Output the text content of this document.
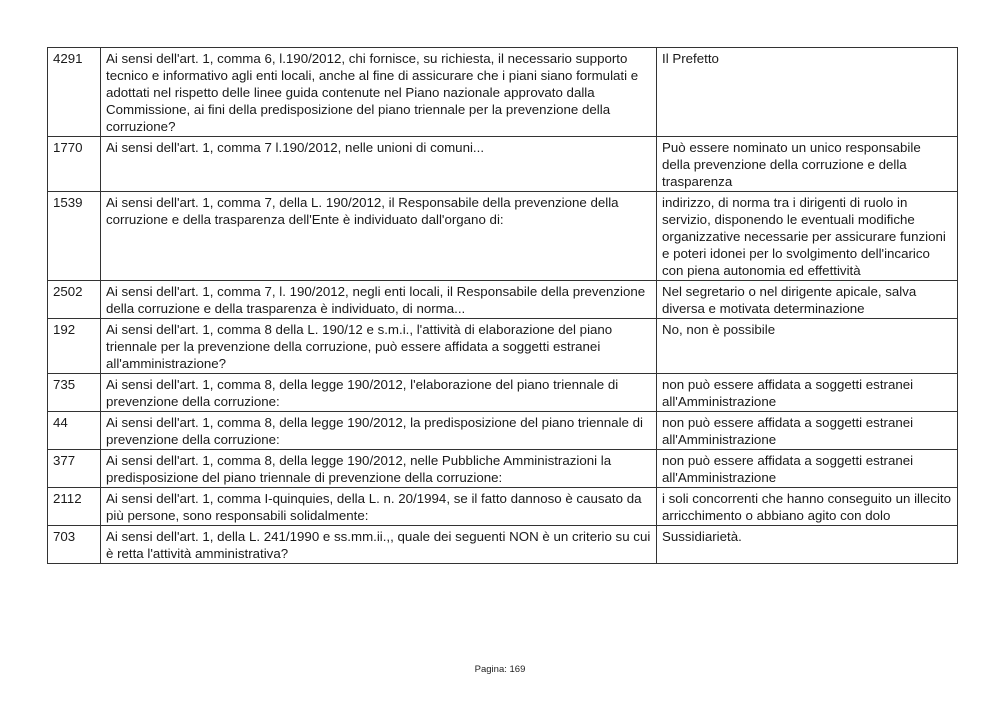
4291	Ai sensi dell'art. 1, comma 6, l.190/2012, chi fornisce, su richiesta, il necessario supporto tecnico e informativo agli enti locali, anche al fine di assicurare che i piani siano formulati e adottati nel rispetto delle linee guida contenute nel Piano nazionale approvato dalla Commissione, ai fini della predisposizione del piano triennale per la prevenzione della corruzione?	Il Prefetto
1770	Ai sensi dell'art. 1, comma 7 l.190/2012, nelle unioni di comuni...	Può essere nominato un unico responsabile della prevenzione della corruzione e della trasparenza
1539	Ai sensi dell'art. 1, comma 7, della L. 190/2012, il Responsabile della prevenzione della corruzione e della trasparenza dell'Ente è individuato dall'organo di:	indirizzo, di norma tra i dirigenti di ruolo in servizio, disponendo le eventuali modifiche organizzative necessarie per assicurare funzioni e poteri idonei per lo svolgimento dell'incarico con piena autonomia ed effettività
2502	Ai sensi dell'art. 1, comma 7, l. 190/2012, negli enti locali, il Responsabile della prevenzione della corruzione e della trasparenza è individuato, di norma...	Nel segretario o nel dirigente apicale, salva diversa e motivata determinazione
192	Ai sensi dell'art. 1, comma 8 della L. 190/12 e s.m.i., l'attività di elaborazione del piano triennale per la prevenzione della corruzione, può essere affidata a soggetti estranei all'amministrazione?	No, non è possibile
735	Ai sensi dell'art. 1, comma 8, della legge 190/2012, l'elaborazione del piano triennale di prevenzione della corruzione:	non può essere affidata a soggetti estranei all'Amministrazione
44	Ai sensi dell'art. 1, comma 8, della legge 190/2012, la predisposizione del piano triennale di prevenzione della corruzione:	non può essere affidata a soggetti estranei all'Amministrazione
377	Ai sensi dell'art. 1, comma 8, della legge 190/2012, nelle Pubbliche Amministrazioni la predisposizione del piano triennale di prevenzione della corruzione:	non può essere affidata a soggetti estranei all'Amministrazione
2112	Ai sensi dell'art. 1, comma I-quinquies, della L. n. 20/1994, se il fatto dannoso è causato da più persone, sono responsabili solidalmente:	i soli concorrenti che hanno conseguito un illecito arricchimento o abbiano agito con dolo
703	Ai sensi dell'art. 1, della L. 241/1990 e ss.mm.ii.,, quale dei seguenti NON è un criterio su cui è retta l'attività amministrativa?	Sussidiarietà.
Pagina: 169
